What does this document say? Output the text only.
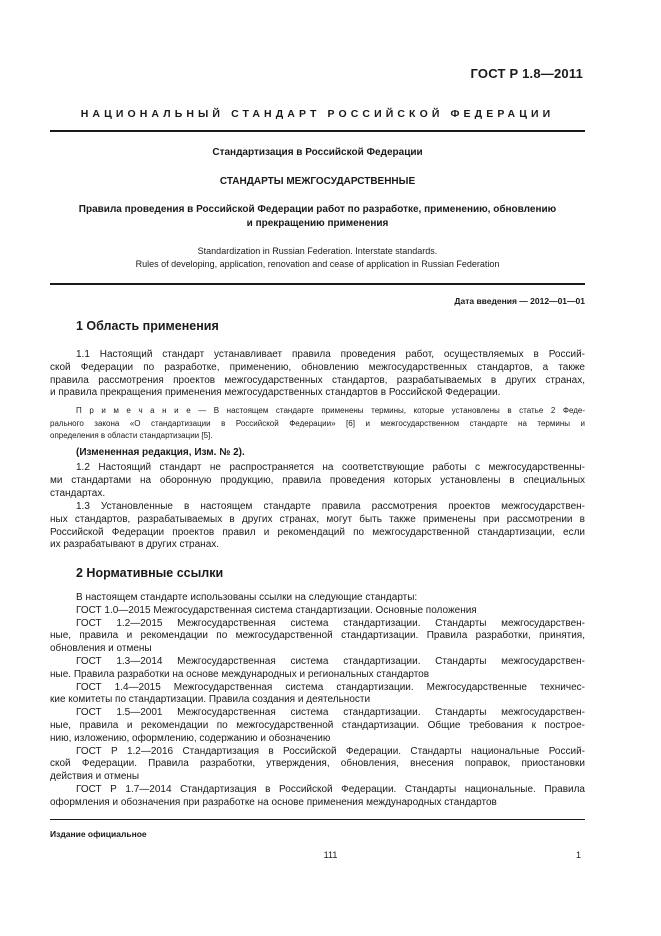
ГОСТ Р 1.8—2011
НАЦИОНАЛЬНЫЙ СТАНДАРТ РОССИЙСКОЙ ФЕДЕРАЦИИ
Стандартизация в Российской Федерации
СТАНДАРТЫ МЕЖГОСУДАРСТВЕННЫЕ
Правила проведения в Российской Федерации работ по разработке, применению, обновлению
и прекращению применения
Standardization in Russian Federation. Interstate standards.
Rules of developing, application, renovation and cease of application in Russian Federation
Дата введения — 2012—01—01
1 Область применения
1.1 Настоящий стандарт устанавливает правила проведения работ, осуществляемых в Россий-
ской Федерации по разработке, применению, обновлению межгосударственных стандартов, а также
правила рассмотрения проектов межгосударственных стандартов, разрабатываемых в других странах,
и правила прекращения применения межгосударственных стандартов в Российской Федерации.
П р и м е ч а н и е — В настоящем стандарте применены термины, которые установлены в статье 2 Феде-
рального закона «О стандартизации в Российской Федерации» [6] и межгосударственном стандарте на термины и
определения в области стандартизации [5].
(Измененная редакция, Изм. № 2).
1.2 Настоящий стандарт не распространяется на соответствующие работы с межгосударственны-
ми стандартами на оборонную продукцию, правила проведения которых установлены в специальных
стандартах.
1.3 Установленные в настоящем стандарте правила рассмотрения проектов межгосударствен-
ных стандартов, разрабатываемых в других странах, могут быть также применены при рассмотрении в
Российской Федерации проектов правил и рекомендаций по межгосударственной стандартизации, если
их разрабатывают в других странах.
2 Нормативные ссылки
В настоящем стандарте использованы ссылки на следующие стандарты:
ГОСТ 1.0—2015 Межгосударственная система стандартизации. Основные положения
ГОСТ 1.2—2015 Межгосударственная система стандартизации. Стандарты межгосударствен-
ные, правила и рекомендации по межгосударственной стандартизации. Правила разработки, принятия,
обновления и отмены
ГОСТ 1.3—2014 Межгосударственная система стандартизации. Стандарты межгосударствен-
ные. Правила разработки на основе международных и региональных стандартов
ГОСТ 1.4—2015 Межгосударственная система стандартизации. Межгосударственные техничес-
кие комитеты по стандартизации. Правила создания и деятельности
ГОСТ 1.5—2001 Межгосударственная система стандартизации. Стандарты межгосударствен-
ные, правила и рекомендации по межгосударственной стандартизации. Общие требования к построе-
нию, изложению, оформлению, содержанию и обозначению
ГОСТ Р 1.2—2016 Стандартизация в Российской Федерации. Стандарты национальные Россий-
ской Федерации. Правила разработки, утверждения, обновления, внесения поправок, приостановки
действия и отмены
ГОСТ Р 1.7—2014 Стандартизация в Российской Федерации. Стандарты национальные. Правила
оформления и обозначения при разработке на основе применения международных стандартов
Издание официальное
111	1
